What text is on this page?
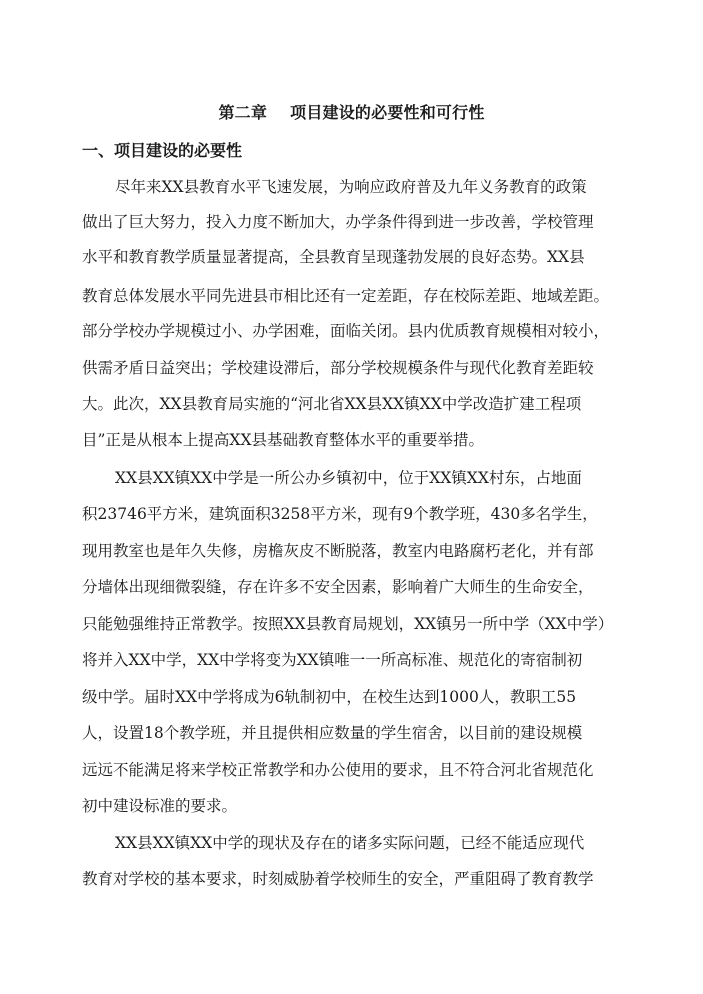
第二章    项目建设的必要性和可行性
一、项目建设的必要性
尽年来XX县教育水平飞速发展，为响应政府普及九年义务教育的政策
做出了巨大努力，投入力度不断加大，办学条件得到进一步改善，学校管理
水平和教育教学质量显著提高，全县教育呈现蓬勃发展的良好态势。XX县
教育总体发展水平同先进县市相比还有一定差距，存在校际差距、地域差距。
部分学校办学规模过小、办学困难，面临关闭。县内优质教育规模相对较小，
供需矛盾日益突出；学校建设滞后，部分学校规模条件与现代化教育差距较
大。此次，XX县教育局实施的“河北省XX县XX镇XX中学改造扩建工程项
目”正是从根本上提高XX县基础教育整体水平的重要举措。
XX县XX镇XX中学是一所公办乡镇初中，位于XX镇XX村东，占地面
积23746平方米，建筑面积3258平方米，现有9个教学班，430多名学生，
现用教室也是年久失修，房檐灰皮不断脱落，教室内电路腐朽老化，并有部
分墙体出现细微裂缝，存在许多不安全因素，影响着广大师生的生命安全，
只能勉强维持正常教学。按照XX县教育局规划，XX镇另一所中学（XX中学）
将并入XX中学，XX中学将变为XX镇唯一一所高标准、规范化的寄宿制初
级中学。届时XX中学将成为6轨制初中，在校生达到1000人，教职工55
人，设置18个教学班，并且提供相应数量的学生宿舍，以目前的建设规模
远远不能满足将来学校正常教学和办公使用的要求，且不符合河北省规范化
初中建设标准的要求。
XX县XX镇XX中学的现状及存在的诸多实际问题，已经不能适应现代
教育对学校的基本要求，时刻威胁着学校师生的安全，严重阻碍了教育教学
